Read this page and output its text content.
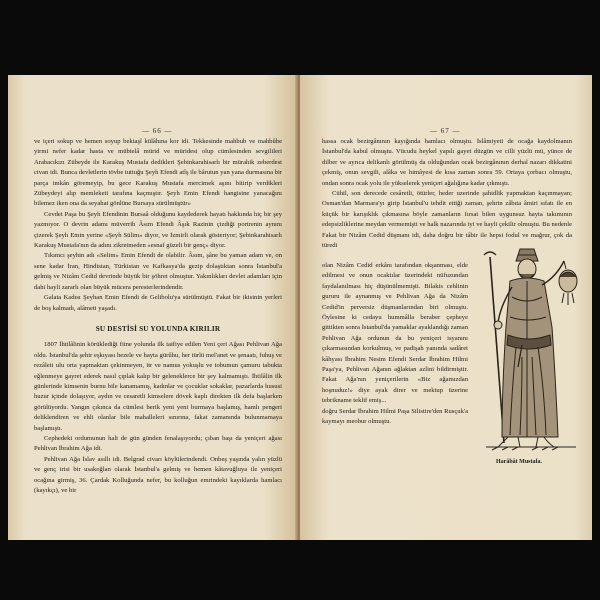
— 66 —

ve içeri sokup ve hemen soyup bektaşî külâhına kor idi. Tekkesinde mahbub ve mahbûbe yirmi nefer kadar hasta ve mübtelâ mürid ve müridesi olup cümlesinden sevgilileri Arabacıkızı Zübeyde ile Karakuş Mustafa dedikleri Şebinkarahisarlı bir mürahik zeberdest civan idi. Bunca devletlerin tövbe tuttuğu Şeyh Efendi atîş ile bârutun yan yana durmasına bir parça imkân göremeyip, bu gece Karakuş Mustafa mercimek aşını bitirip verdikleri Zübeydeyi alıp memleketi tarafına kaçmıştır. Şeyh Emin Efendi hangisine yanacağını bilemez iken ona da seyahat gönlüne Bursaya sürülmüştür»

Cevdet Paşa bu Şeyh Efendinin Bursaâ olduğunu kaydederek hayatı hakkında hiç bir şey yazmıyor. O devrin adamı müverrih Âsım Efendi Âşık Razinin çizdiği portrenin aynını çizerek Şeyh Emin yerine «Şeyh Sülim» diyor, ve İzmirli olarak gösteriyor; Şebinkarahisarlı Karakuş Mustafa'nın da adını zikretmeden «esnaf güzeli bir genç» diyor.

Tıkımcı şeyhin adı «Selim» Emin Efendi de olabilir. Âsım, şâne bu yaman adam ve, on sene kadar İran, Hindistan, Türkistan ve Kafkasya'da gezip dolaştıktan sonra İstanbul'a gelmiş ve Nizâm Cedid devrinde büyük bir şöhret olmuştur. Yakınlıkları devlet adamları için dahi hayli zararlı olan büyük mücera peresterlerindendir.

Galata Kadısı Şeyhan Emin Efendi de Gelibolu'ya sürülmüştü. Fakat bir ikisinin yerleri de boş kalmadı, alâmeti yaşadı.

SU DESTİSİ SU YOLUNDA KIRILIR

1807 İhtilâlinin körüklediği fitne yolunda ilk taifiye edilen Yeni çeri Ağası Pehlivan Ağa oldu. İstanbul'da şehir eşkıyası hezele ve hayta gürûhu, her türlü mel'anet ve şenaatı, fuhuş ve rezâleti ulu orta yapmaktan çekinmeyen, itr ve namus yokuşlu ve tobumun çamuru tabukta eğlenmeye gayret ederek nasıl çıplak kalıp bir geleneklerce bir şey kalmamıştı. İhtilâlin ilk günlerinde kimsenin burnu bile kanamamış, kadınlar ve çocuklar sokaklar, pazarlarda hususi huzur içinde dolaşıyor, aydın ve cesaretli kimselere dövek kaplı direkten ilk defa başlarken görülüyordu. Yangın çıkınca da cümlesi berik yeni yeni burmaya başlamış, hamlı pengeri deliklendiren ve ehli olanlar bile mahalleleri sınırına, fakat zamanında bulunmamaya başlamıştı.

Cephedeki ordumunun hali de gün günden fenalaşıyordu; çıban başı da yeniçeri ağası Pehlivan İbrahim Ağa idi.

Pehlivan Ağa İslav asıllı idi. Belgrad civarı köylülerindendi. Onbeş yaşında yalın yüzlü ve genç irisi bir usakoğlan olarak İstanbul'a gelmiş ve hemen kâtavuğluya ile yeniçeri ocağına girmiş, 36. Çardak Kolluğunda nefer, bu kolluğun emrindeki kayıklarda hamlacı (kayıkçı), ve bir

— 67 —

hassa ocak bezirgânının kayığında hamlacı olmuştu. İslâmiyeti de ocağa kaydolmanın İstanbul'da kabul olmuştu. Vücudu heykel yapılı gayet düzgün ve cilli yüzlü mü, yünce de dilber ve ayrıca delikanlı görülmüş da olduğundan ocak bezirgânının derhal nazarı dikkatini çekmiş, onun sevgili, alâka ve himâyesi de kısa zaman sonra 59. Ortaya çorbacı olmuştu, ondan sonra ocak yolu ile yükselerek yeniçeri ağalığına kadar çıkmıştı.

Cühil, son derecede cesâretli, ötürler, heder uzerinde şahidlik yapmaktan kaçınmayan; Osman'dan Marmara'yı girip İstanbul'u tehdit ettiği zaman, şehrin zâbıta âmiri sıfatı ile en küçük bir karışıklık çıkmasına böyle zamanların fırsat bilen uygunsuz hayta takımının edepsizliklerine meydan vermemişti ve halk nazarında iyi ve hayli çekilir olmuştu. Bu nedenle Fakat bir Nizâm Cedid düşmanı idi, daha doğru bir tâbir ile hepsi fodul ve mağrur, çok da türedi

olan Nizâm Cedid erkânı tarafından okşanması, elde edilmesi ve onun ocaktılar üzerindeki nüfuzundan faydalanılması hiç düşünülmemişti. Bilakis cehlinin gururu ile aynanmış ve Pehlivan Ağa da Nizâm Cedid'in perversiz düşmanlarından biri olmuştu. Öylesine ki cedayu hummâlla beraber çepheye gittikten sonra İstanbul'da yamaklar ayaklandığı zaman Pehlivan Ağa ordunun da bu yeniçeri isyanını çıkarmasından korkulmuş, ve padişah yanında sadâret kâhyası İbrahim Nesim Efendi Serdar İbrahim Hilmi Paşa'ya, Pehlivan Ağanın ağlaktan azlini bildirmiştir. Fakat Ağa'nın yeniçerilerin «Biz ağamızdan hoşnuduz!» diye ayak direr ve mektup üzerine tebrikname teklif emiş...

doğru Serdar İbrahim Hilmi Paşa Silistire'den Rusçuk'a kaymayı meobur olmuştu.

Harâbât Mustafa.
